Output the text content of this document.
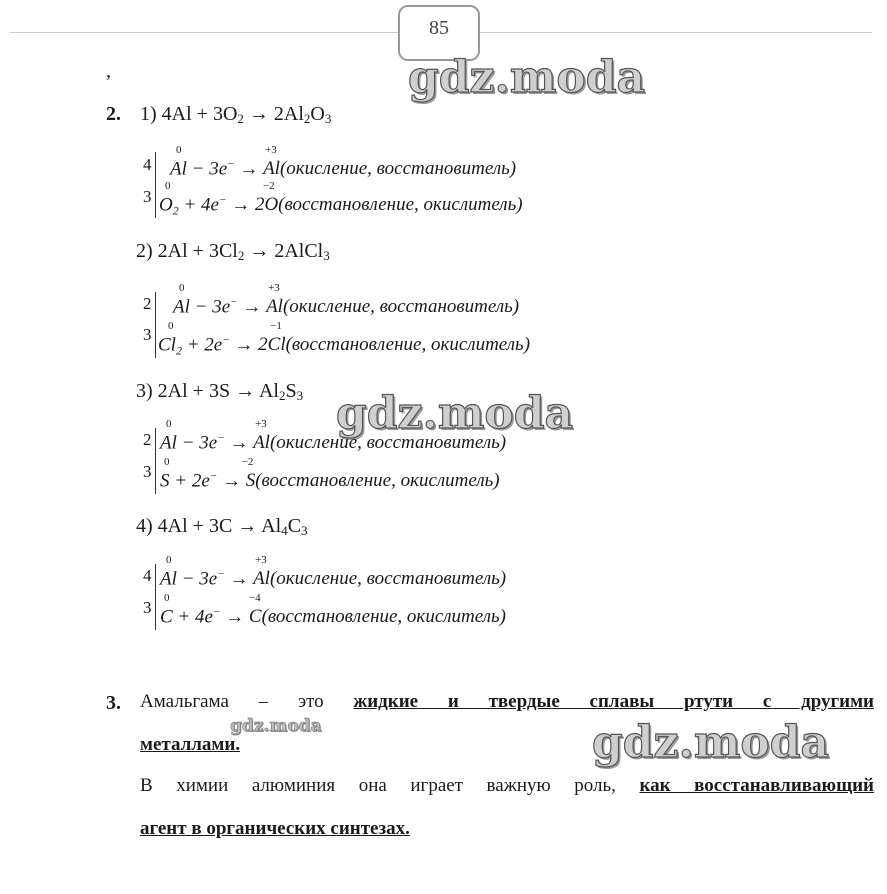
85
,	gdz.moda
gdz.moda
gdz.moda
gdz.moda
2. 1) $4Al + 3O_2 \to 2Al_2O_3$
4
3
0
Al − 3e− →
+3
Al(окисление, восстановитель)
0
$O_2 + 4e^-$ →
−2
2O(восстановление, окислитель)
2) $2Al + 3Cl_2$ → 2AlCl$_3$
2
3
0
Al − 3e− →
+3
Al(окисление, восстановитель)
0
$Cl_2 + 2e^-$ →
−1
2Cl(восстановление, окислитель)
3) $2Al + 3S \to Al_2S_3$
2
3
0
Al − 3e− →
+3
Al(окисление, восстановитель)
0
S + 2e− →
−2
S(восстановление, окислитель)
4) $4Al + 3C \to Al_4C_3$
4
3
0
Al − 3e− →
+3
Al(окисление, восстановитель)
0
C + 4e− →
−4
C(восстановление, окислитель)
3. Амальгама – это жидкие и твердые сплавы ртути с другими
металлами.
В химии алюминия она играет важную роль, как восстанавливающий
агент в органических синтезах.
